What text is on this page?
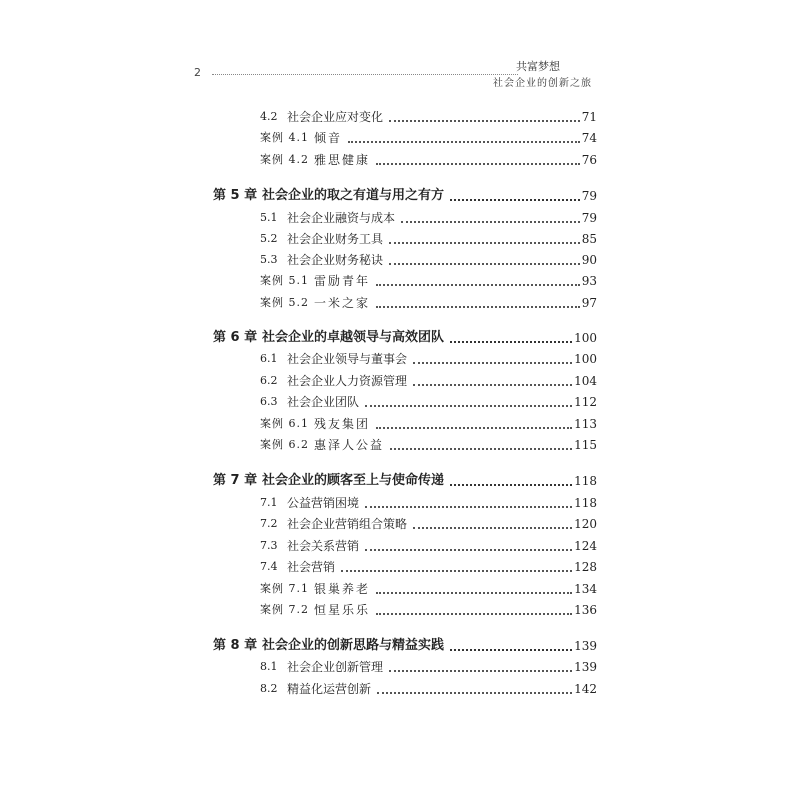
2	共富梦想
社会企业的创新之旅
4.2 社会企业应对变化	71
案例 4.1 倾音	74
案例 4.2 雅思健康	76
第 5 章 社会企业的取之有道与用之有方	79
5.1 社会企业融资与成本	79
5.2 社会企业财务工具	85
5.3 社会企业财务秘诀	90
案例 5.1 雷励青年	93
案例 5.2 一米之家	97
第 6 章 社会企业的卓越领导与高效团队	100
6.1 社会企业领导与董事会	100
6.2 社会企业人力资源管理	104
6.3 社会企业团队	112
案例 6.1 残友集团	113
案例 6.2 惠泽人公益	115
第 7 章 社会企业的顾客至上与使命传递	118
7.1 公益营销困境	118
7.2 社会企业营销组合策略	120
7.3 社会关系营销	124
7.4 社会营销	128
案例 7.1 银巢养老	134
案例 7.2 恒星乐乐	136
第 8 章 社会企业的创新思路与精益实践	139
8.1 社会企业创新管理	139
8.2 精益化运营创新	142
